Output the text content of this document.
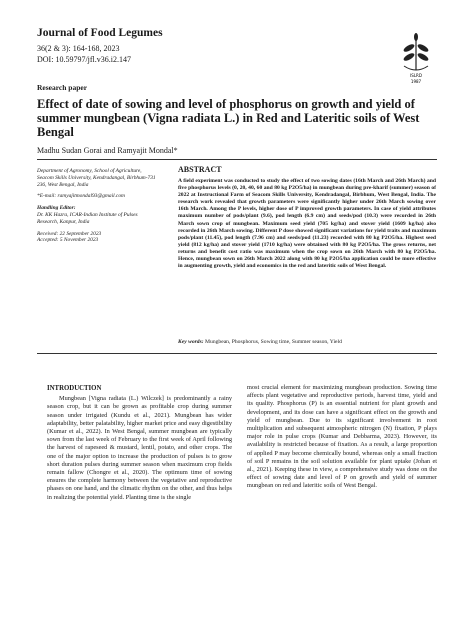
Journal of Food Legumes
36(2 & 3): 164-168, 2023
DOI: 10.59797/jfl.v36.i2.147
ISLRD
1987
Research paper
Effect of date of sowing and level of phosphorus on growth and yield of summer mungbean (Vigna radiata L.) in Red and Lateritic soils of West Bengal
Madhu Sudan Gorai and Ramyajit Mondal*

Department of Agronomy, School of Agriculture, Seacom Skills University, Kendradangal, Birbhum-731 236, West Bengal, India

*E-mail: ramyajitmondal93@gmail.com

Handling Editor:

Dr. KK Hazra, ICAR-Indian Institute of Pulses Research, Kanpur, India

Received: 22 September 2023

Accepted: 5 November 2023

ABSTRACT

A field experiment was conducted to study the effect of two sowing dates (16th March and 26th March) and five phosphorus levels (0, 20, 40, 60 and 80 kg P2O5/ha) in mungbean during pre-kharif (summer) season of 2022 at Instructional Farm of Seacom Skills University, Kendradangal, Birbhum, West Bengal, India. The research work revealed that growth parameters were significantly higher under 26th March sowing over 16th March. Among the P levels, higher dose of P improved growth parameters. In case of yield attributes maximum number of pods/plant (9.6), pod length (6.9 cm) and seeds/pod (10.3) were recorded in 26th March sown crop of mungbean. Maximum seed yield (705 kg/ha) and stover yield (1609 kg/ha) also recorded in 26th March sowing. Different P dose showed significant variations for yield traits and maximum pods/plant (11.45), pod length (7.96 cm) and seeds/pod (11.23) recorded with 80 kg P2O5/ha. Highest seed yield (812 kg/ha) and stover yield (1710 kg/ha) were obtained with 80 kg P2O5/ha. The gross returns, net returns and benefit cost ratio was maximum when the crop sown on 26th March with 80 kg P2O5/ha. Hence, mungbean sown on 26th March 2022 along with 80 kg P2O5/ha application could be more effective in augmenting growth, yield and economics in the red and lateritic soils of West Bengal.

Key words: Mungbean, Phosphorus, Sowing time, Summer season, Yield
INTRODUCTION
Mungbean [Vigna radiata (L.) Wilczek] is predominantly a rainy season crop, but it can be grown as profitable crop during summer season under irrigated (Kundu et al., 2021). Mungbean has wider adaptability, better palatability, higher market price and easy digestibility (Kumar et al., 2022). In West Bengal, summer mungbean are typically sown from the last week of February to the first week of April following the harvest of rapeseed & mustard, lentil, potato, and other crops. The one of the major option to increase the production of pulses is to grow short duration pulses during summer season when maximum crop fields remain fallow (Chongre et al., 2020). The optimum time of sowing ensures the complete harmony between the vegetative and reproductive phases on one hand, and the climatic rhythm on the other, and thus helps in realizing the potential yield. Planting time is the single
most crucial element for maximizing mungbean production. Sowing time affects plant vegetative and reproductive periods, harvest time, yield and its quality. Phosphorus (P) is an essential nutrient for plant growth and development, and its dose can have a significant effect on the growth and yield of mungbean. Due to its significant involvement in root multiplication and subsequent atmospheric nitrogen (N) fixation, P plays major role in pulse crops (Kumar and Debbarma, 2023). However, its availability is restricted because of fixation. As a result, a large proportion of applied P may become chemically bound, whereas only a small fraction of soil P remains in the soil solution available for plant uptake (Johan et al., 2021). Keeping these in view, a comprehensive study was done on the effect of sowing date and level of P on growth and yield of summer mungbean on red and lateritic soils of West Bengal.
